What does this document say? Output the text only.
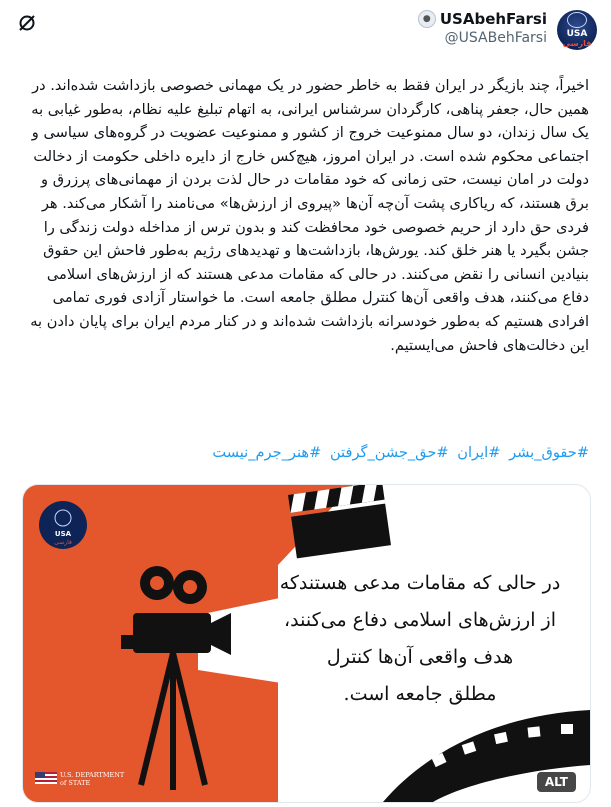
USA
فارسی
● USAbehFarsi
@USABehFarsi
اخیراً، چند بازیگر در ایران فقط به خاطر حضور در یک مهمانی خصوصی بازداشت شده‌اند. در همین حال، جعفر پناهی، کارگردان سرشناس ایرانی، به اتهام تبلیغ علیه نظام، به‌طور غیابی به یک سال زندان، دو سال ممنوعیت خروج از کشور و ممنوعیت عضویت در گروه‌های سیاسی و اجتماعی محکوم شده است. در ایران امروز، هیچ‌کس خارج از دایره داخلی حکومت از دخالت دولت در امان نیست، حتی زمانی که خود مقامات در حال لذت بردن از مهمانی‌های پرزرق و برق هستند، که ریاکاری پشت آن‌چه آن‌ها «پیروی از ارزش‌ها» می‌نامند را آشکار می‌کند. هر فردی حق دارد از حریم خصوصی خود محافظت کند و بدون ترس از مداخله دولت زندگی را جشن بگیرد یا هنر خلق کند. یورش‌ها، بازداشت‌ها و تهدیدهای رژیم به‌طور فاحش این حقوق بنیادین انسانی را نقض می‌کنند. در حالی که مقامات مدعی هستند که از ارزش‌های اسلامی دفاع می‌کنند، هدف واقعی آن‌ها کنترل مطلق جامعه است. ما خواستار آزادی فوری تمامی افرادی هستیم که به‌طور خودسرانه بازداشت شده‌اند و در کنار مردم ایران برای پایان دادن به این دخالت‌های فاحش می‌ایستیم.
#حقوق_بشر #ایران #حق_جشن_گرفتن #هنر_جرم_نیست
USA
فارسی
در حالی که مقامات مدعی هستندکه
از ارزش‌های اسلامی دفاع می‌کنند،
هدف واقعی آن‌ها کنترل
مطلق جامعه است.
U.S. DEPARTMENT
of STATE	ALT
